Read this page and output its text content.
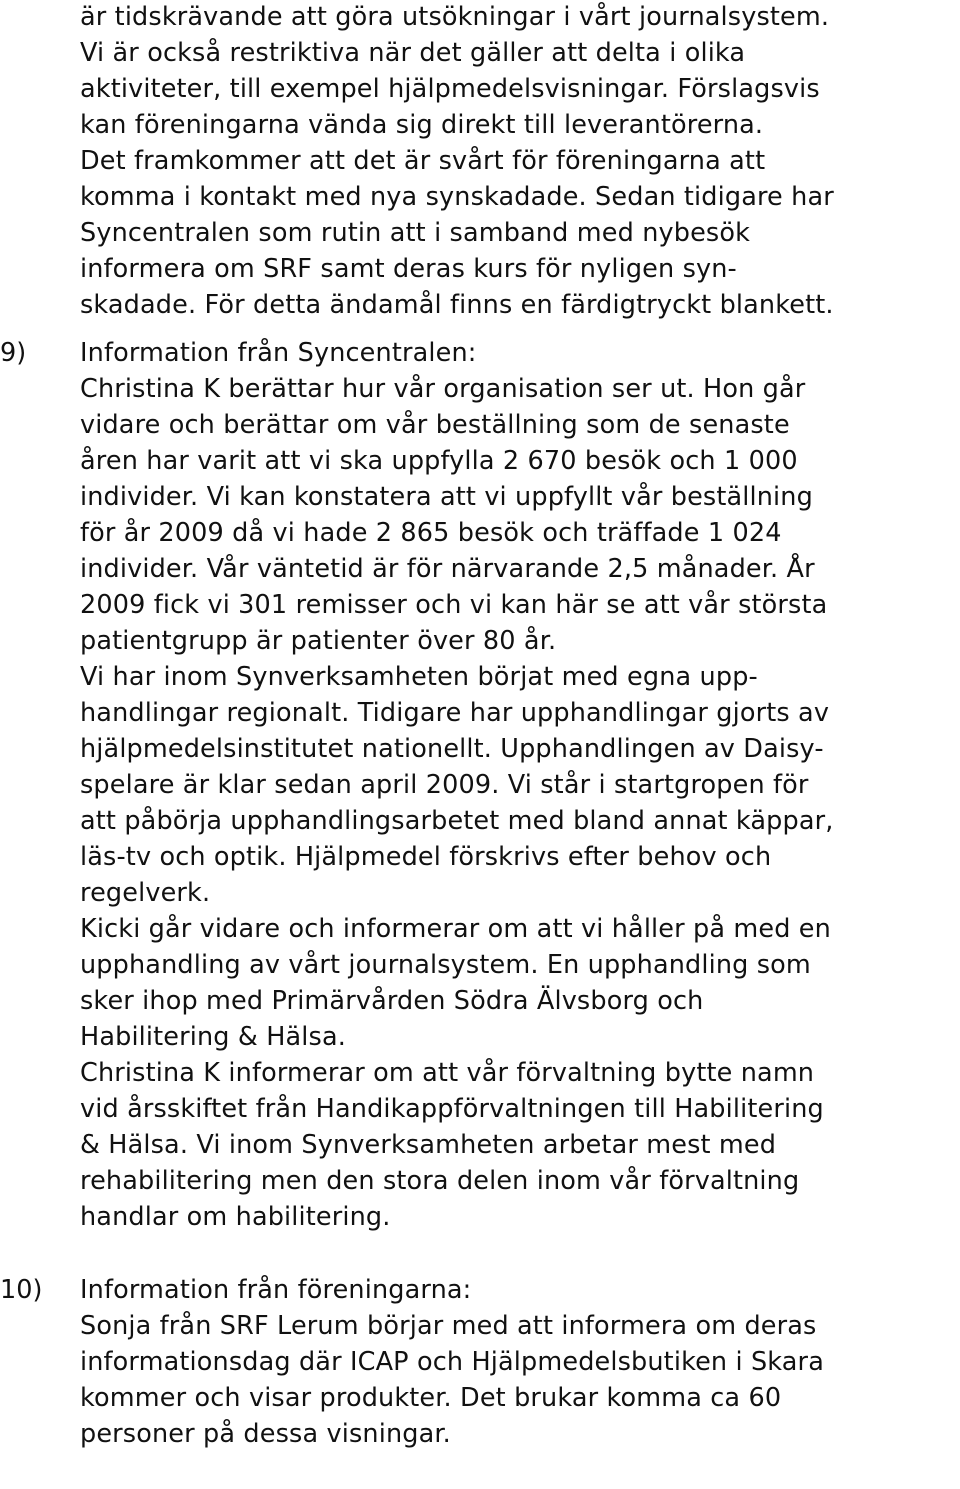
är tidskrävande att göra utsökningar i vårt journalsystem.
Vi är också restriktiva när det gäller att delta i olika
aktiviteter, till exempel hjälpmedelsvisningar. Förslagsvis
kan föreningarna vända sig direkt till leverantörerna.
Det framkommer att det är svårt för föreningarna att
komma i kontakt med nya synskadade. Sedan tidigare har
Syncentralen som rutin att i samband med nybesök
informera om SRF samt deras kurs för nyligen syn-
skadade. För detta ändamål finns en färdigtryckt blankett.
9) Information från Syncentralen:
Christina K berättar hur vår organisation ser ut. Hon går
vidare och berättar om vår beställning som de senaste
åren har varit att vi ska uppfylla 2 670 besök och 1 000
individer. Vi kan konstatera att vi uppfyllt vår beställning
för år 2009 då vi hade 2 865 besök och träffade 1 024
individer. Vår väntetid är för närvarande 2,5 månader. År
2009 fick vi 301 remisser och vi kan här se att vår största
patientgrupp är patienter över 80 år.
Vi har inom Synverksamheten börjat med egna upp-
handlingar regionalt. Tidigare har upphandlingar gjorts av
hjälpmedelsinstitutet nationellt. Upphandlingen av Daisy-
spelare är klar sedan april 2009. Vi står i startgropen för
att påbörja upphandlingsarbetet med bland annat käppar,
läs-tv och optik. Hjälpmedel förskrivs efter behov och
regelverk.
Kicki går vidare och informerar om att vi håller på med en
upphandling av vårt journalsystem. En upphandling som
sker ihop med Primärvården Södra Älvsborg och
Habilitering & Hälsa.
Christina K informerar om att vår förvaltning bytte namn
vid årsskiftet från Handikappförvaltningen till Habilitering
& Hälsa. Vi inom Synverksamheten arbetar mest med
rehabilitering men den stora delen inom vår förvaltning
handlar om habilitering.
10) Information från föreningarna:
Sonja från SRF Lerum börjar med att informera om deras
informationsdag där ICAP och Hjälpmedelsbutiken i Skara
kommer och visar produkter. Det brukar komma ca 60
personer på dessa visningar.
